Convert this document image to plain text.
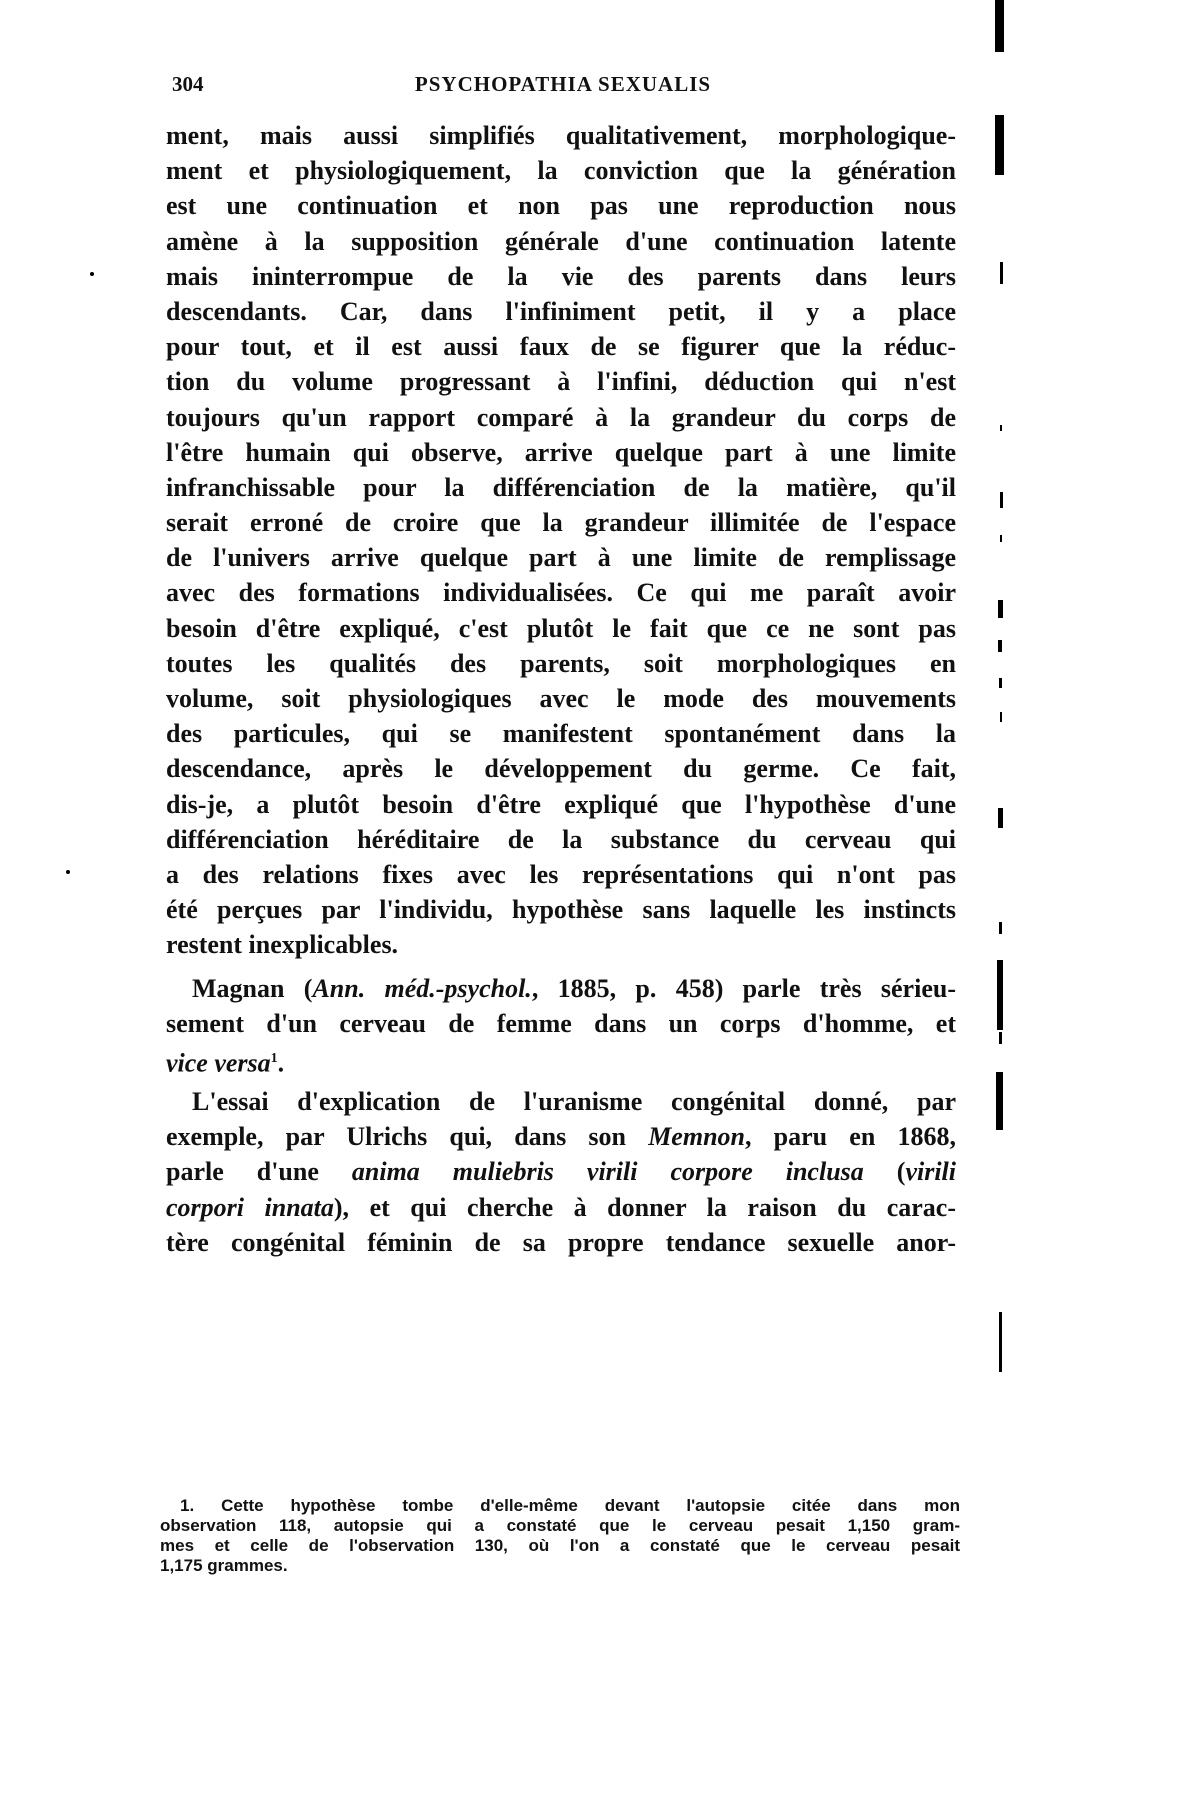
304	PSYCHOPATHIA SEXUALIS
ment, mais aussi simplifiés qualitativement, morphologique-
ment et physiologiquement, la conviction que la génération
est une continuation et non pas une reproduction nous
amène à la supposition générale d'une continuation latente
mais ininterrompue de la vie des parents dans leurs
descendants. Car, dans l'infiniment petit, il y a place
pour tout, et il est aussi faux de se figurer que la réduc-
tion du volume progressant à l'infini, déduction qui n'est
toujours qu'un rapport comparé à la grandeur du corps de
l'être humain qui observe, arrive quelque part à une limite
infranchissable pour la différenciation de la matière, qu'il
serait erroné de croire que la grandeur illimitée de l'espace
de l'univers arrive quelque part à une limite de remplissage
avec des formations individualisées. Ce qui me paraît avoir
besoin d'être expliqué, c'est plutôt le fait que ce ne sont pas
toutes les qualités des parents, soit morphologiques en
volume, soit physiologiques avec le mode des mouvements
des particules, qui se manifestent spontanément dans la
descendance, après le développement du germe. Ce fait,
dis-je, a plutôt besoin d'être expliqué que l'hypothèse d'une
différenciation héréditaire de la substance du cerveau qui
a des relations fixes avec les représentations qui n'ont pas
été perçues par l'individu, hypothèse sans laquelle les instincts
restent inexplicables.
Magnan (Ann. méd.-psychol., 1885, p. 458) parle très sérieu-
sement d'un cerveau de femme dans un corps d'homme, et
vice versa$^1$.
L'essai d'explication de l'uranisme congénital donné, par
exemple, par Ulrichs qui, dans son Memnon, paru en 1868,
parle d'une anima muliebris virili corpore inclusa (virili
corpori innata), et qui cherche à donner la raison du carac-
tère congénital féminin de sa propre tendance sexuelle anor-
1. Cette hypothèse tombe d'elle-même devant l'autopsie citée dans mon
observation 118, autopsie qui a constaté que le cerveau pesait 1,150 gram-
mes et celle de l'observation 130, où l'on a constaté que le cerveau pesait
1,175 grammes.
